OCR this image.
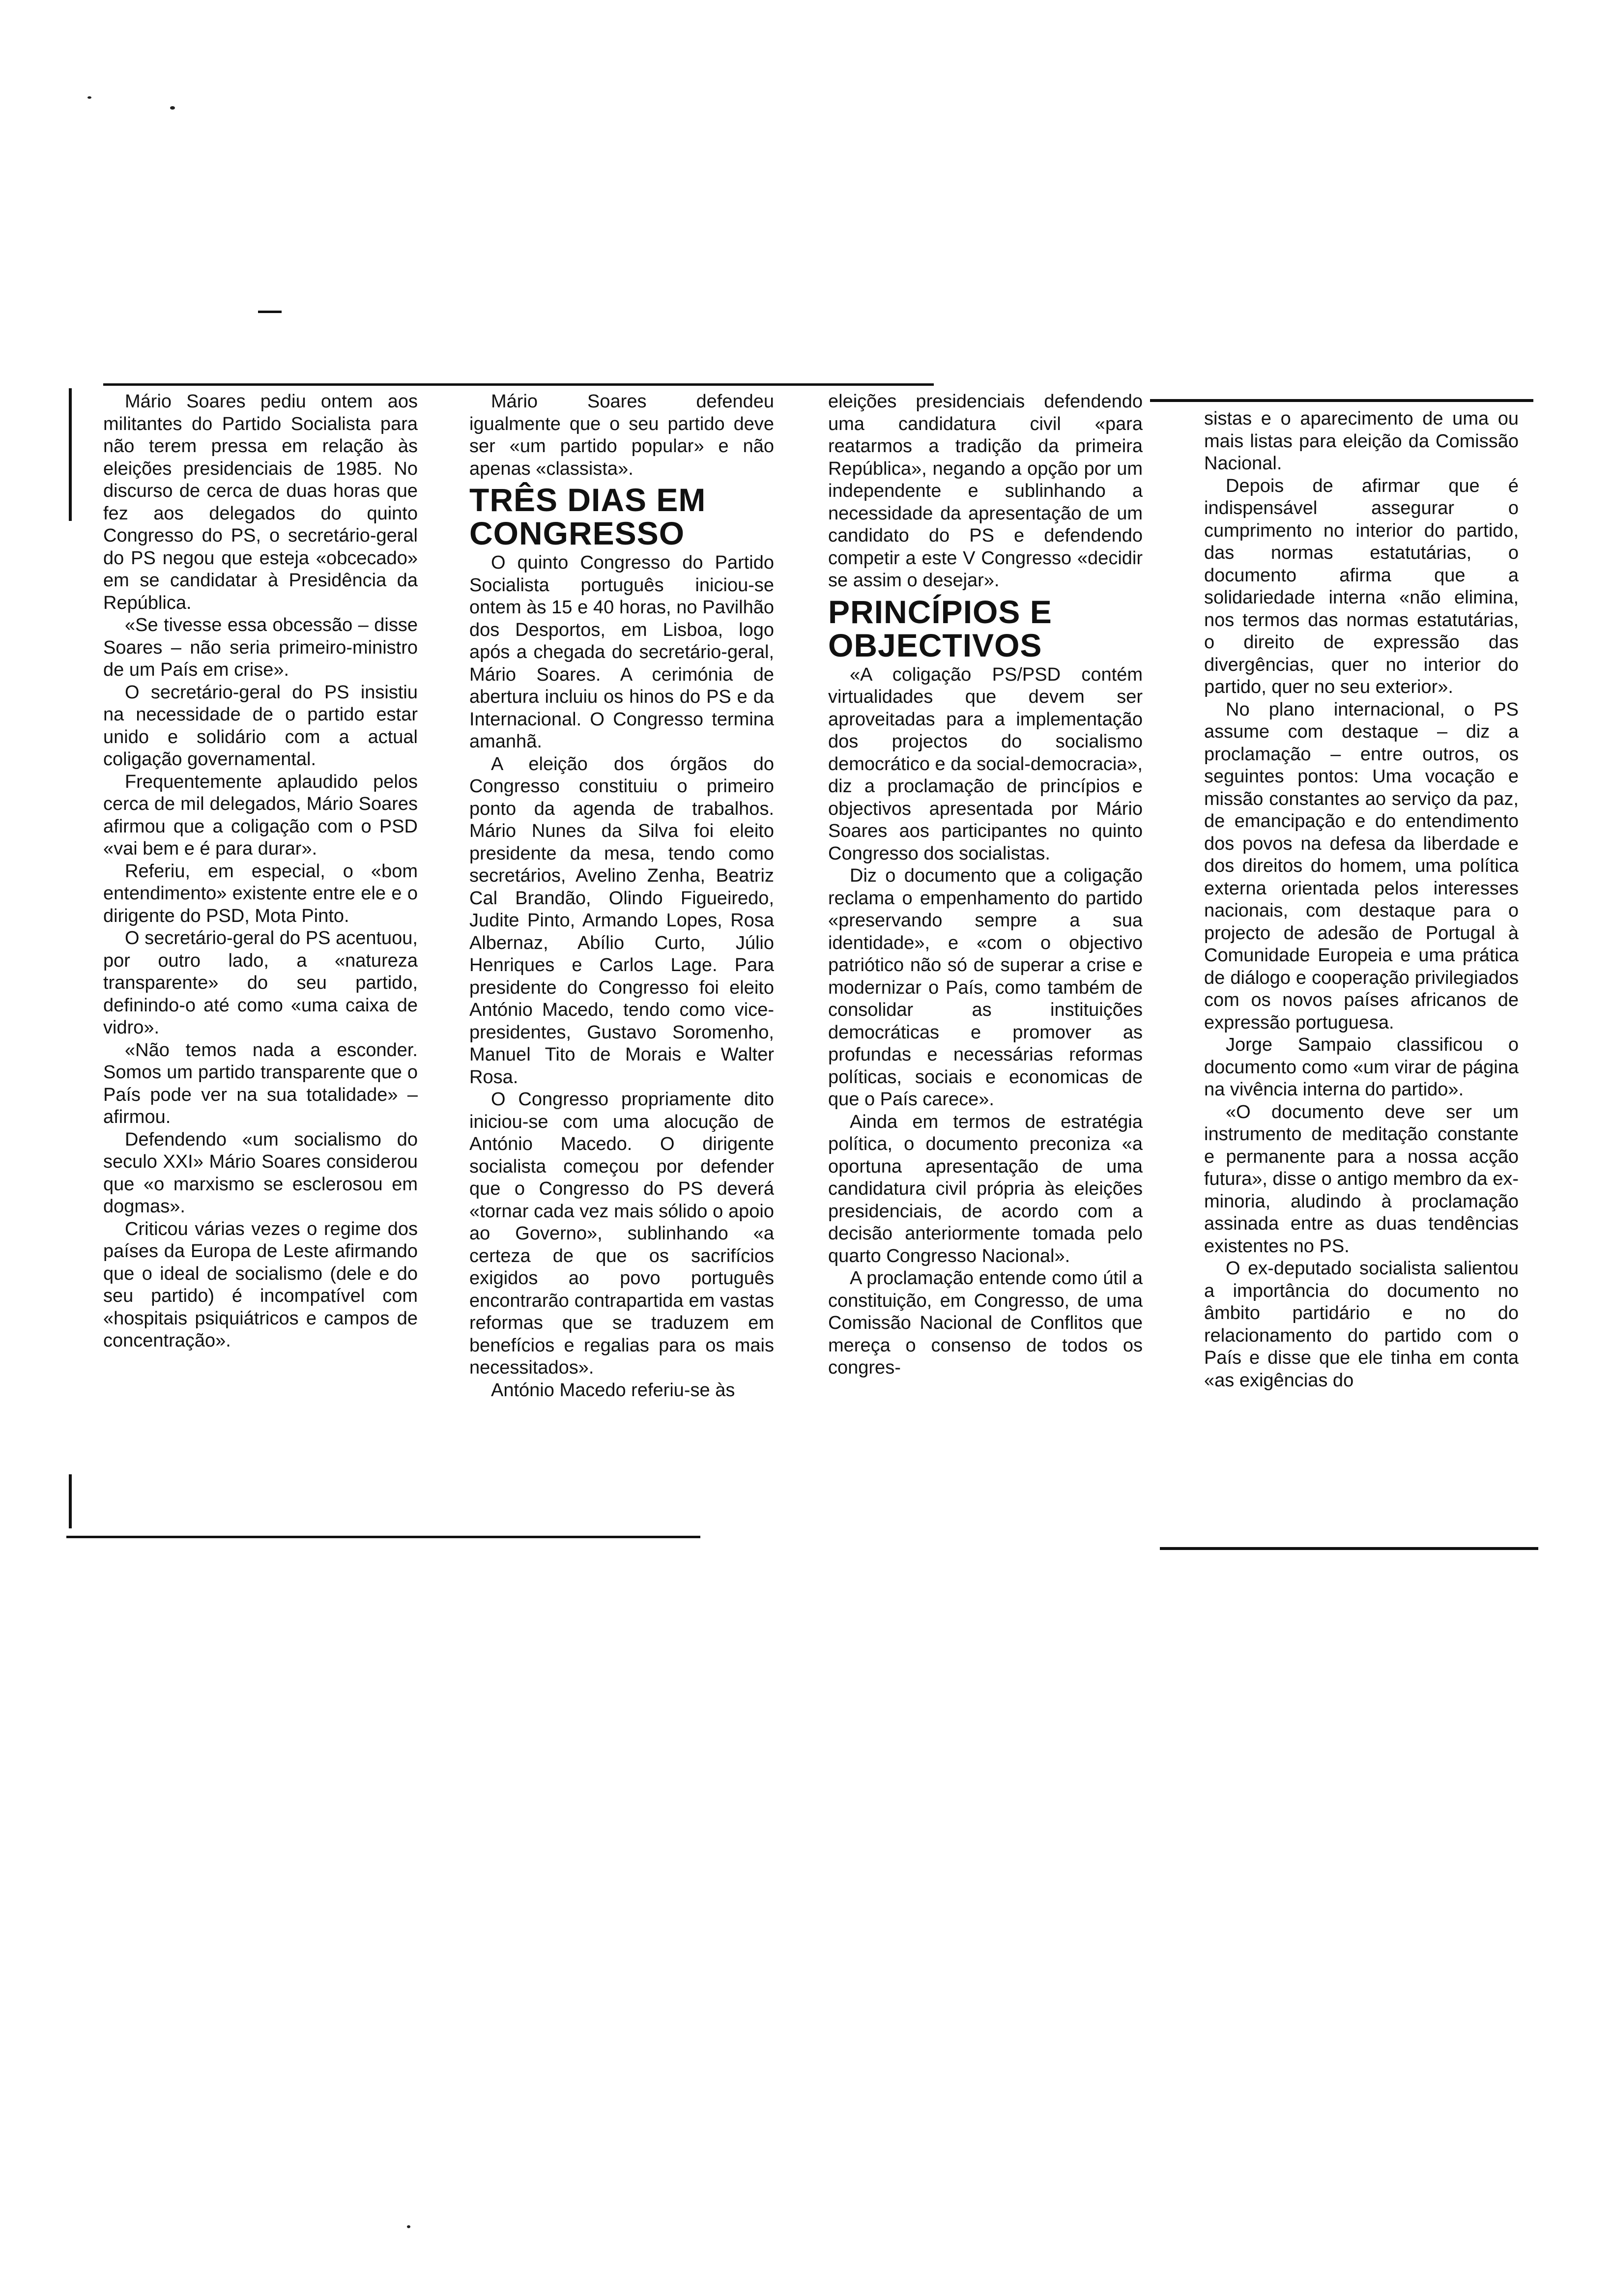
Mário Soares pediu ontem aos militantes do Partido Socialista para não terem pressa em relação às eleições presidenciais de 1985. No discurso de cerca de duas horas que fez aos delegados do quinto Congresso do PS, o secretário-geral do PS negou que esteja «obcecado» em se candidatar à Presidência da República.

«Se tivesse essa obcessão – disse Soares – não seria primeiro-ministro de um País em crise».

O secretário-geral do PS insistiu na necessidade de o partido estar unido e solidário com a actual coligação governamental.

Frequentemente aplaudido pelos cerca de mil delegados, Mário Soares afirmou que a coligação com o PSD «vai bem e é para durar».

Referiu, em especial, o «bom entendimento» existente entre ele e o dirigente do PSD, Mota Pinto.

O secretário-geral do PS acentuou, por outro lado, a «natureza transparente» do seu partido, definindo-o até como «uma caixa de vidro».

«Não temos nada a esconder. Somos um partido transparente que o País pode ver na sua totalidade» – afirmou.

Defendendo «um socialismo do seculo XXI» Mário Soares considerou que «o marxismo se esclerosou em dogmas».

Criticou várias vezes o regime dos países da Europa de Leste afirmando que o ideal de socialismo (dele e do seu partido) é incompatível com «hospitais psiquiátricos e campos de concentração».

Mário Soares defendeu igualmente que o seu partido deve ser «um partido popular» e não apenas «classista».

TRÊS DIAS EM CONGRESSO

O quinto Congresso do Partido Socialista português iniciou-se ontem às 15 e 40 horas, no Pavilhão dos Desportos, em Lisboa, logo após a chegada do secretário-geral, Mário Soares. A cerimónia de abertura incluiu os hinos do PS e da Internacional. O Congresso termina amanhã.

A eleição dos órgãos do Congresso constituiu o primeiro ponto da agenda de trabalhos. Mário Nunes da Silva foi eleito presidente da mesa, tendo como secretários, Avelino Zenha, Beatriz Cal Brandão, Olindo Figueiredo, Judite Pinto, Armando Lopes, Rosa Albernaz, Abílio Curto, Júlio Henriques e Carlos Lage. Para presidente do Congresso foi eleito António Macedo, tendo como vice-presidentes, Gustavo Soromenho, Manuel Tito de Morais e Walter Rosa.

O Congresso propriamente dito iniciou-se com uma alocução de António Macedo. O dirigente socialista começou por defender que o Congresso do PS deverá «tornar cada vez mais sólido o apoio ao Governo», sublinhando «a certeza de que os sacrifícios exigidos ao povo português encontrarão contrapartida em vastas reformas que se traduzem em benefícios e regalias para os mais necessitados».

António Macedo referiu-se às

eleições presidenciais defendendo uma candidatura civil «para reatarmos a tradição da primeira República», negando a opção por um independente e sublinhando a necessidade da apresentação de um candidato do PS e defendendo competir a este V Congresso «decidir se assim o desejar».

PRINCÍPIOS E OBJECTIVOS

«A coligação PS/PSD contém virtualidades que devem ser aproveitadas para a implementação dos projectos do socialismo democrático e da social-democracia», diz a proclamação de princípios e objectivos apresentada por Mário Soares aos participantes no quinto Congresso dos socialistas.

Diz o documento que a coligação reclama o empenhamento do partido «preservando sempre a sua identidade», e «com o objectivo patriótico não só de superar a crise e modernizar o País, como também de consolidar as instituições democráticas e promover as profundas e necessárias reformas políticas, sociais e economicas de que o País carece».

Ainda em termos de estratégia política, o documento preconiza «a oportuna apresentação de uma candidatura civil própria às eleições presidenciais, de acordo com a decisão anteriormente tomada pelo quarto Congresso Nacional».

A proclamação entende como útil a constituição, em Congresso, de uma Comissão Nacional de Conflitos que mereça o consenso de todos os congres-

sistas e o aparecimento de uma ou mais listas para eleição da Comissão Nacional.

Depois de afirmar que é indispensável assegurar o cumprimento no interior do partido, das normas estatutárias, o documento afirma que a solidariedade interna «não elimina, nos termos das normas estatutárias, o direito de expressão das divergências, quer no interior do partido, quer no seu exterior».

No plano internacional, o PS assume com destaque – diz a proclamação – entre outros, os seguintes pontos: Uma vocação e missão constantes ao serviço da paz, de emancipação e do entendimento dos povos na defesa da liberdade e dos direitos do homem, uma política externa orientada pelos interesses nacionais, com destaque para o projecto de adesão de Portugal à Comunidade Europeia e uma prática de diálogo e cooperação privilegiados com os novos países africanos de expressão portuguesa.

Jorge Sampaio classificou o documento como «um virar de página na vivência interna do partido».

«O documento deve ser um instrumento de meditação constante e permanente para a nossa acção futura», disse o antigo membro da ex-minoria, aludindo à proclamação assinada entre as duas tendências existentes no PS.

O ex-deputado socialista salientou a importância do documento no âmbito partidário e no do relacionamento do partido com o País e disse que ele tinha em conta «as exigências do
